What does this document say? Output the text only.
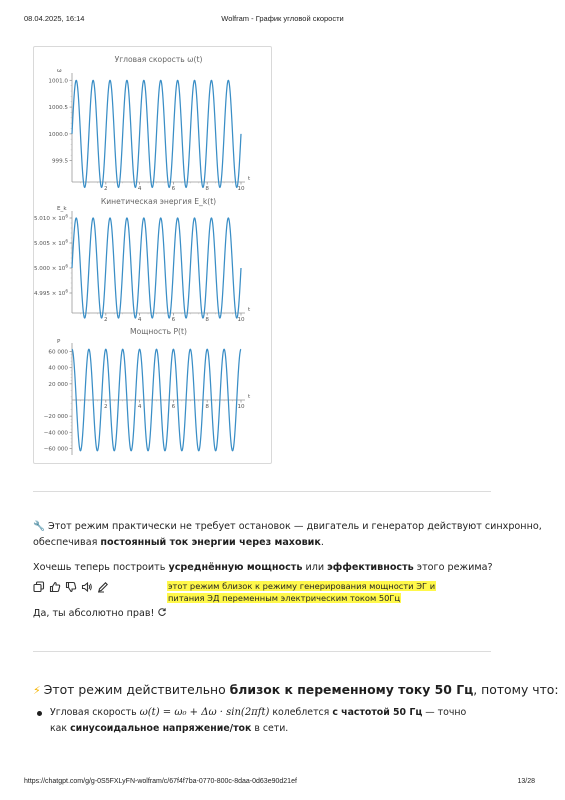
08.04.2025, 16:14	Wolfram - График угловой скорости
Угловая скорость ω(t)
ω
t
999.5
1000.0
1000.5
1001.0
2	4	6	8	10
Кинетическая энергия E_k(t)
E_k
t
$4.995 \times 10^6$
$5.000 \times 10^6$
$5.005 \times 10^6$
$5.010 \times 10^6$
2	4	6	8	10
Мощность P(t)
P
t
−60 000
−40 000
−20 000
20 000
40 000
60 000
2	4	6	8	10
🔧 Этот режим практически не требует остановок — двигатель и генератор действуют синхронно,
обеспечивая постоянный ток энергии через маховик.
Хочешь теперь построить усреднённую мощность или эффективность этого режима?
этот режим близок к режиму генерирования мощности ЭГ и питания ЭД переменным электрическим током 50Гц
Да, ты абсолютно прав!
⚡ Этот режим действительно близок к переменному току 50 Гц, потому что:
Угловая скорость ω(t) = ω₀ + Δω · sin(2πft) колеблется с частотой 50 Гц — точно
как синусоидальное напряжение/ток в сети.
https://chatgpt.com/g/g-0S5FXLyFN-wolfram/c/67f4f7ba-0770-800c-8daa-0d63e90d21ef	13/28
